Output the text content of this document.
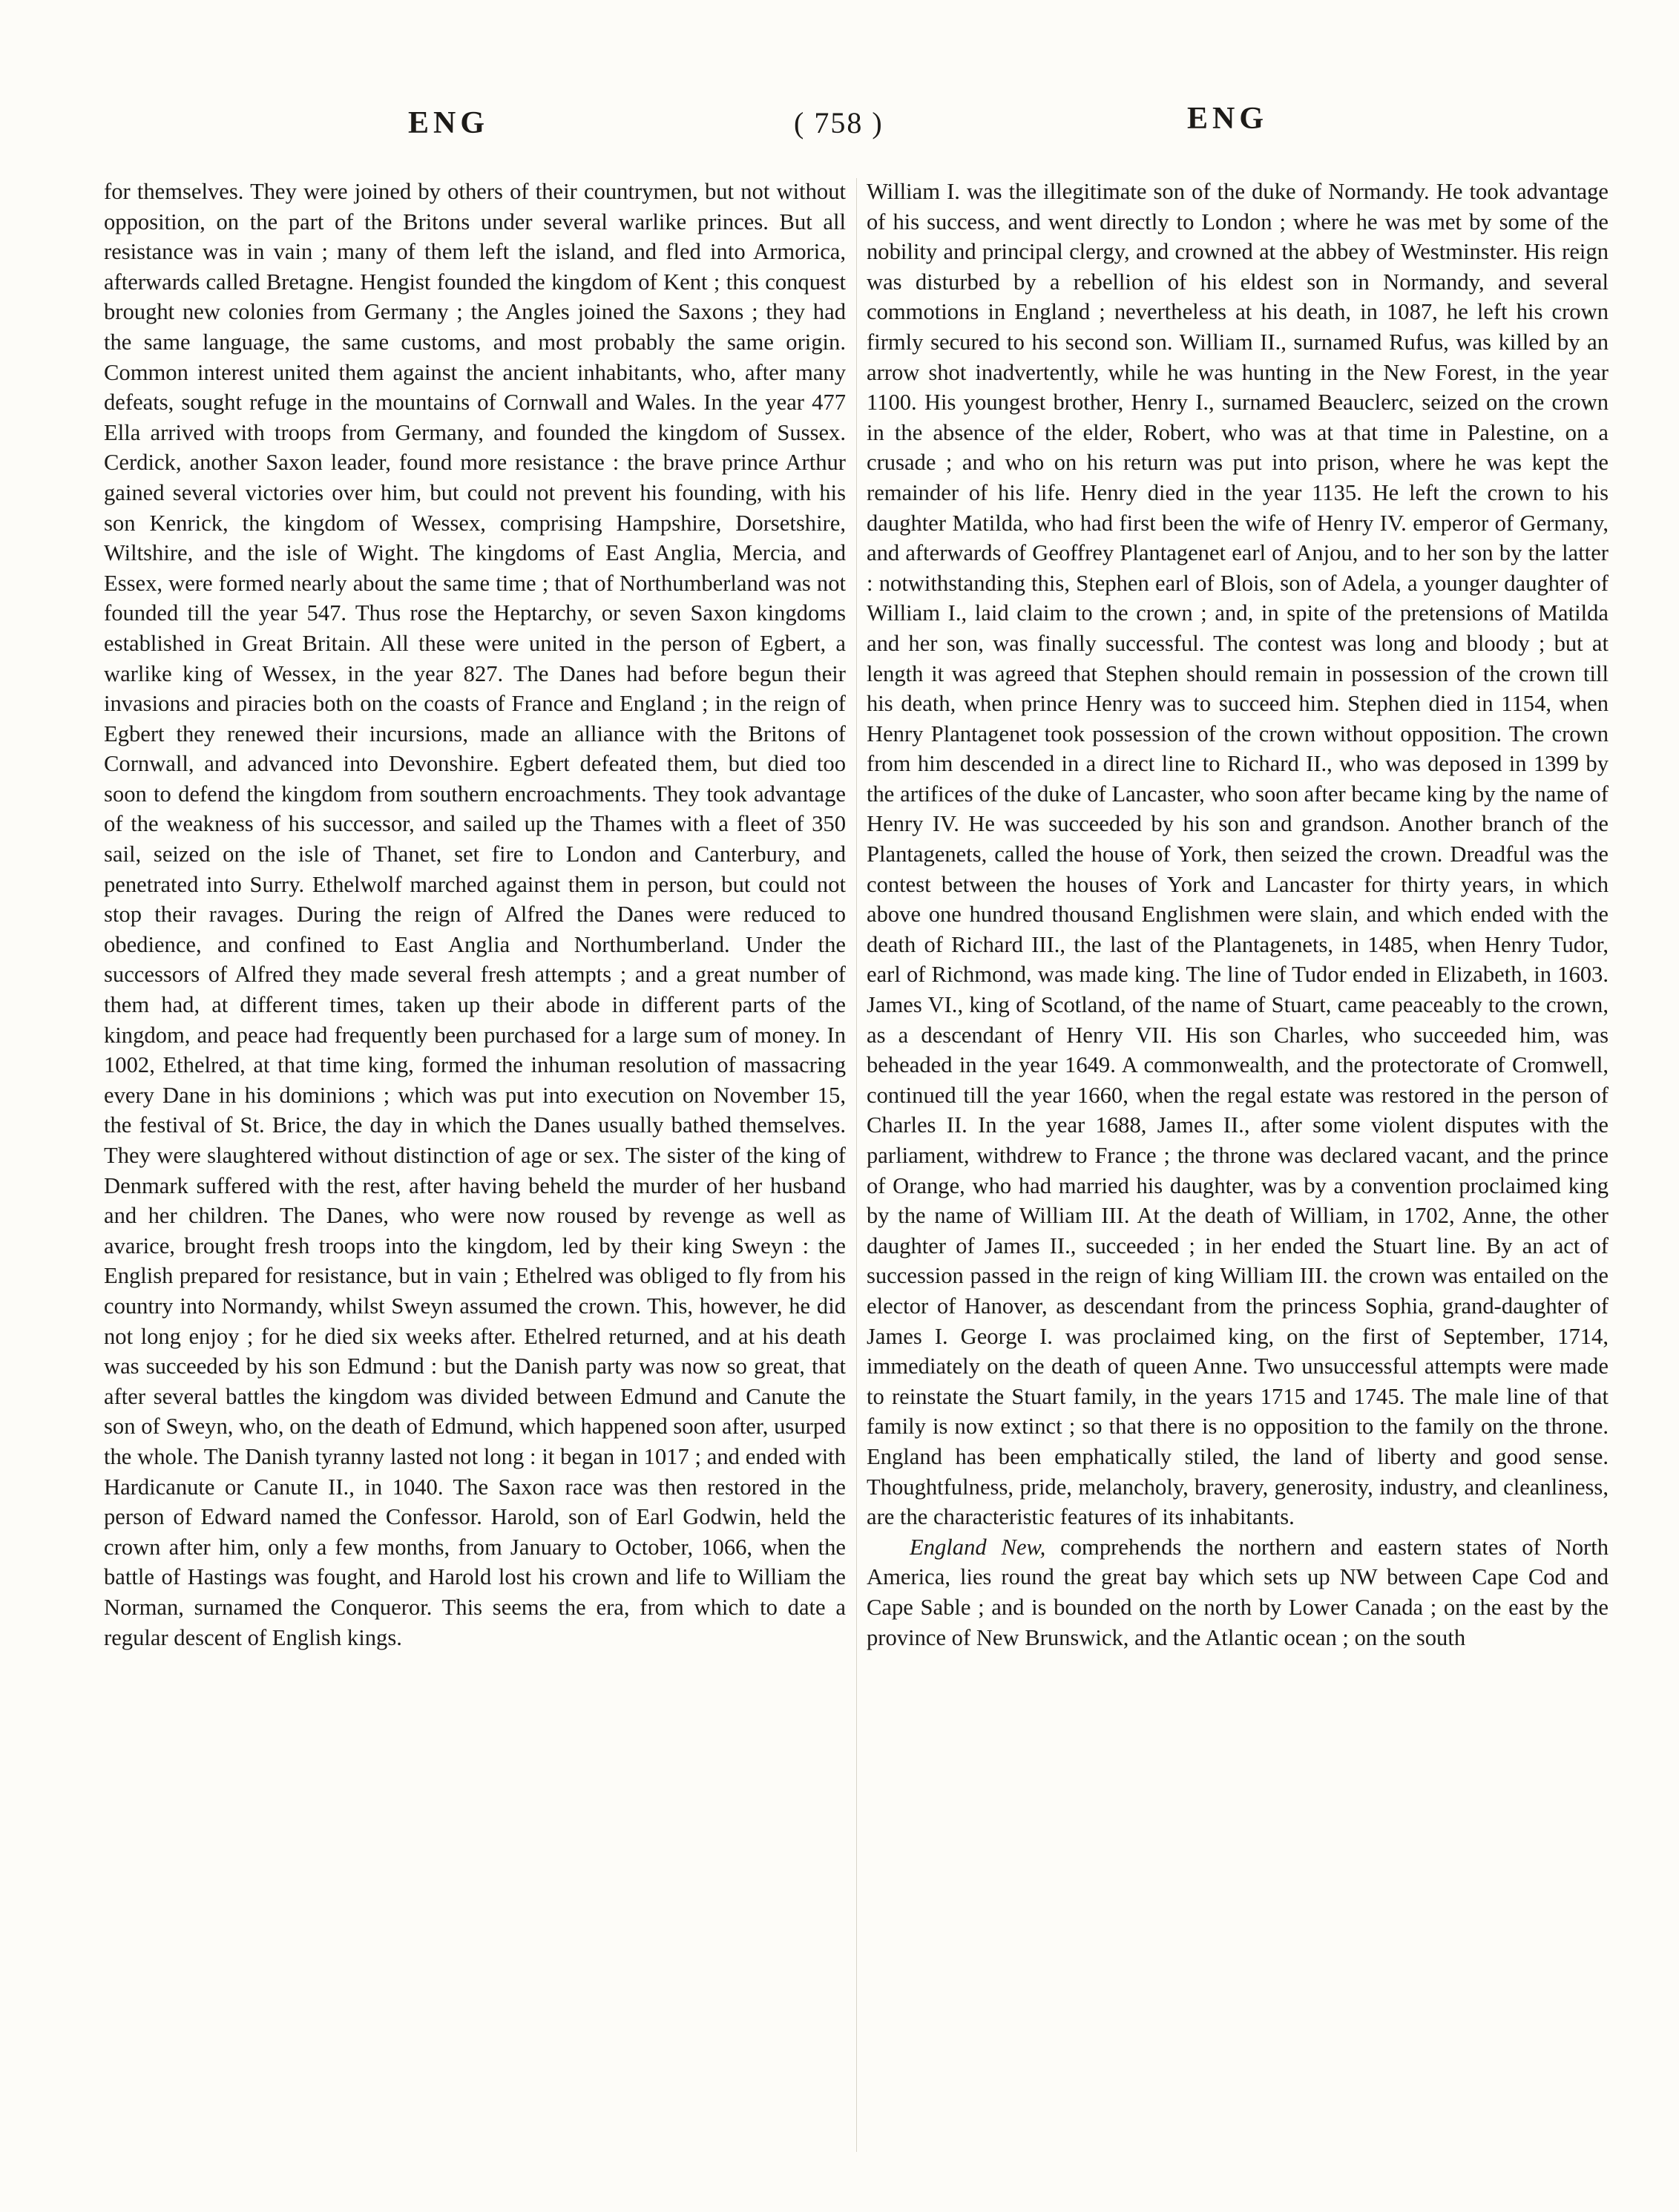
ENG	( 758 )	ENG

for themselves. They were joined by others of their countrymen, but not without opposition, on the part of the Britons under several warlike princes. But all resistance was in vain ; many of them left the island, and fled into Armorica, afterwards called Bretagne. Hengist founded the kingdom of Kent ; this conquest brought new colonies from Germany ; the Angles joined the Saxons ; they had the same language, the same customs, and most probably the same origin. Common interest united them against the ancient inhabitants, who, after many defeats, sought refuge in the mountains of Cornwall and Wales. In the year 477 Ella arrived with troops from Germany, and founded the kingdom of Sussex. Cerdick, another Saxon leader, found more resistance : the brave prince Arthur gained several victories over him, but could not prevent his founding, with his son Kenrick, the kingdom of Wessex, comprising Hampshire, Dorsetshire, Wiltshire, and the isle of Wight. The kingdoms of East Anglia, Mercia, and Essex, were formed nearly about the same time ; that of Northumberland was not founded till the year 547. Thus rose the Heptarchy, or seven Saxon kingdoms established in Great Britain. All these were united in the person of Egbert, a warlike king of Wessex, in the year 827. The Danes had before begun their invasions and piracies both on the coasts of France and England ; in the reign of Egbert they renewed their incursions, made an alliance with the Britons of Cornwall, and advanced into Devonshire. Egbert defeated them, but died too soon to defend the kingdom from southern encroachments. They took advantage of the weakness of his successor, and sailed up the Thames with a fleet of 350 sail, seized on the isle of Thanet, set fire to London and Canterbury, and penetrated into Surry. Ethelwolf marched against them in person, but could not stop their ravages. During the reign of Alfred the Danes were reduced to obedience, and confined to East Anglia and Northumberland. Under the successors of Alfred they made several fresh attempts ; and a great number of them had, at different times, taken up their abode in different parts of the kingdom, and peace had frequently been purchased for a large sum of money. In 1002, Ethelred, at that time king, formed the inhuman resolution of massacring every Dane in his dominions ; which was put into execution on November 15, the festival of St. Brice, the day in which the Danes usually bathed themselves. They were slaughtered without distinction of age or sex. The sister of the king of Denmark suffered with the rest, after having beheld the murder of her husband and her children. The Danes, who were now roused by revenge as well as avarice, brought fresh troops into the kingdom, led by their king Sweyn : the English prepared for resistance, but in vain ; Ethelred was obliged to fly from his country into Normandy, whilst Sweyn assumed the crown. This, however, he did not long enjoy ; for he died six weeks after. Ethelred returned, and at his death was succeeded by his son Edmund : but the Danish party was now so great, that after several battles the kingdom was divided between Edmund and Canute the son of Sweyn, who, on the death of Edmund, which happened soon after, usurped the whole. The Danish tyranny lasted not long : it began in 1017 ; and ended with Hardicanute or Canute II., in 1040. The Saxon race was then restored in the person of Edward named the Confessor. Harold, son of Earl Godwin, held the crown after him, only a few months, from January to October, 1066, when the battle of Hastings was fought, and Harold lost his crown and life to William the Norman, surnamed the Conqueror. This seems the era, from which to date a regular descent of English kings.

William I. was the illegitimate son of the duke of Normandy. He took advantage of his success, and went directly to London ; where he was met by some of the nobility and principal clergy, and crowned at the abbey of Westminster. His reign was disturbed by a rebellion of his eldest son in Normandy, and several commotions in England ; nevertheless at his death, in 1087, he left his crown firmly secured to his second son. William II., surnamed Rufus, was killed by an arrow shot inadvertently, while he was hunting in the New Forest, in the year 1100. His youngest brother, Henry I., surnamed Beauclerc, seized on the crown in the absence of the elder, Robert, who was at that time in Palestine, on a crusade ; and who on his return was put into prison, where he was kept the remainder of his life. Henry died in the year 1135. He left the crown to his daughter Matilda, who had first been the wife of Henry IV. emperor of Germany, and afterwards of Geoffrey Plantagenet earl of Anjou, and to her son by the latter : notwithstanding this, Stephen earl of Blois, son of Adela, a younger daughter of William I., laid claim to the crown ; and, in spite of the pretensions of Matilda and her son, was finally successful. The contest was long and bloody ; but at length it was agreed that Stephen should remain in possession of the crown till his death, when prince Henry was to succeed him. Stephen died in 1154, when Henry Plantagenet took possession of the crown without opposition. The crown from him descended in a direct line to Richard II., who was deposed in 1399 by the artifices of the duke of Lancaster, who soon after became king by the name of Henry IV. He was succeeded by his son and grandson. Another branch of the Plantagenets, called the house of York, then seized the crown. Dreadful was the contest between the houses of York and Lancaster for thirty years, in which above one hundred thousand Englishmen were slain, and which ended with the death of Richard III., the last of the Plantagenets, in 1485, when Henry Tudor, earl of Richmond, was made king. The line of Tudor ended in Elizabeth, in 1603. James VI., king of Scotland, of the name of Stuart, came peaceably to the crown, as a descendant of Henry VII. His son Charles, who succeeded him, was beheaded in the year 1649. A commonwealth, and the protectorate of Cromwell, continued till the year 1660, when the regal estate was restored in the person of Charles II. In the year 1688, James II., after some violent disputes with the parliament, withdrew to France ; the throne was declared vacant, and the prince of Orange, who had married his daughter, was by a convention proclaimed king by the name of William III. At the death of William, in 1702, Anne, the other daughter of James II., succeeded ; in her ended the Stuart line. By an act of succession passed in the reign of king William III. the crown was entailed on the elector of Hanover, as descendant from the princess Sophia, grand-daughter of James I. George I. was proclaimed king, on the first of September, 1714, immediately on the death of queen Anne. Two unsuccessful attempts were made to reinstate the Stuart family, in the years 1715 and 1745. The male line of that family is now extinct ; so that there is no opposition to the family on the throne. England has been emphatically stiled, the land of liberty and good sense. Thoughtfulness, pride, melancholy, bravery, generosity, industry, and cleanliness, are the characteristic features of its inhabitants.

England New, comprehends the northern and eastern states of North America, lies round the great bay which sets up NW between Cape Cod and Cape Sable ; and is bounded on the north by Lower Canada ; on the east by the province of New Brunswick, and the Atlantic ocean ; on the south
